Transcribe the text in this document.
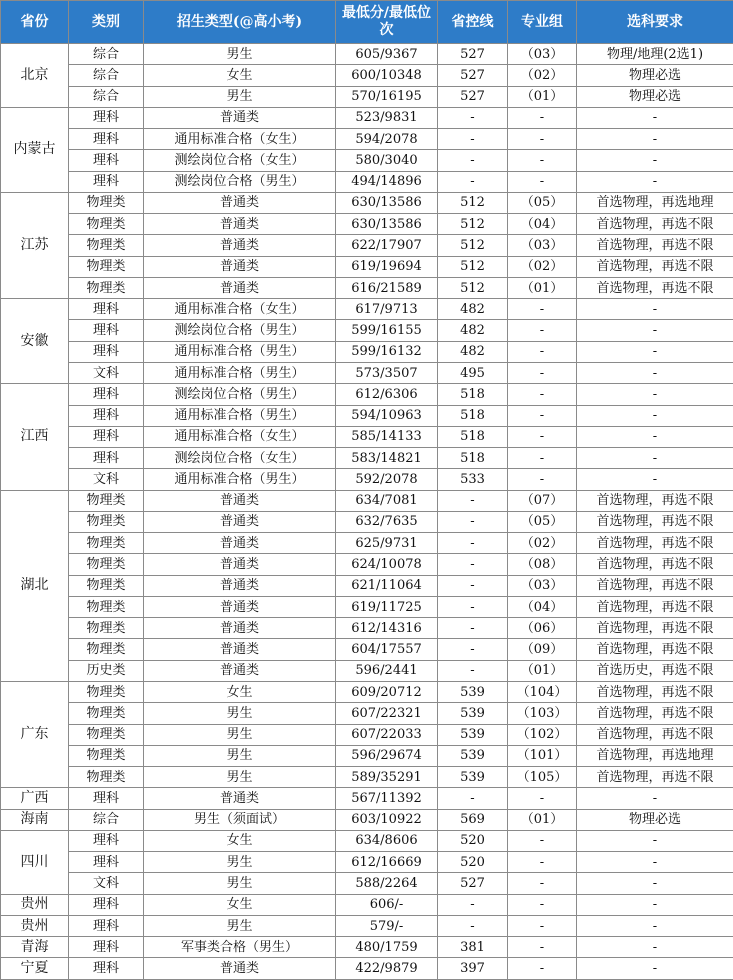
省份	类别	招生类型(@高小考)	最低分/最低位次	省控线	专业组	选科要求
北京	综合	男生	605/9367	527	（03）	物理/地理(2选1)
	综合	女生	600/10348	527	（02）	物理必选
	综合	男生	570/16195	527	（01）	物理必选
内蒙古	理科	普通类	523/9831	-	-	-
	理科	通用标准合格（女生）	594/2078	-	-	-
	理科	测绘岗位合格（女生）	580/3040	-	-	-
	理科	测绘岗位合格（男生）	494/14896	-	-	-
江苏	物理类	普通类	630/13586	512	（05）	首选物理，再选地理
	物理类	普通类	630/13586	512	（04）	首选物理，再选不限
	物理类	普通类	622/17907	512	（03）	首选物理，再选不限
	物理类	普通类	619/19694	512	（02）	首选物理，再选不限
	物理类	普通类	616/21589	512	（01）	首选物理，再选不限
安徽	理科	通用标准合格（女生）	617/9713	482	-	-
	理科	测绘岗位合格（男生）	599/16155	482	-	-
	理科	通用标准合格（男生）	599/16132	482	-	-
	文科	通用标准合格（男生）	573/3507	495	-	-
江西	理科	测绘岗位合格（男生）	612/6306	518	-	-
	理科	通用标准合格（男生）	594/10963	518	-	-
	理科	通用标准合格（女生）	585/14133	518	-	-
	理科	测绘岗位合格（女生）	583/14821	518	-	-
	文科	通用标准合格（男生）	592/2078	533	-	-
湖北	物理类	普通类	634/7081	-	（07）	首选物理，再选不限
	物理类	普通类	632/7635	-	（05）	首选物理，再选不限
	物理类	普通类	625/9731	-	（02）	首选物理，再选不限
	物理类	普通类	624/10078	-	（08）	首选物理，再选不限
	物理类	普通类	621/11064	-	（03）	首选物理，再选不限
	物理类	普通类	619/11725	-	（04）	首选物理，再选不限
	物理类	普通类	612/14316	-	（06）	首选物理，再选不限
	物理类	普通类	604/17557	-	（09）	首选物理，再选不限
	历史类	普通类	596/2441	-	（01）	首选历史，再选不限
广东	物理类	女生	609/20712	539	（104）	首选物理，再选不限
	物理类	男生	607/22321	539	（103）	首选物理，再选不限
	物理类	男生	607/22033	539	（102）	首选物理，再选不限
	物理类	男生	596/29674	539	（101）	首选物理，再选地理
	物理类	男生	589/35291	539	（105）	首选物理，再选不限
广西	理科	普通类	567/11392	-	-	-
海南	综合	男生（须面试）	603/10922	569	（01）	物理必选
四川	理科	女生	634/8606	520	-	-
	理科	男生	612/16669	520	-	-
	文科	男生	588/2264	527	-	-
贵州	理科	女生	606/-	-	-	-
贵州	理科	男生	579/-	-	-	-
青海	理科	军事类合格（男生）	480/1759	381	-	-
宁夏	理科	普通类	422/9879	397	-	-
